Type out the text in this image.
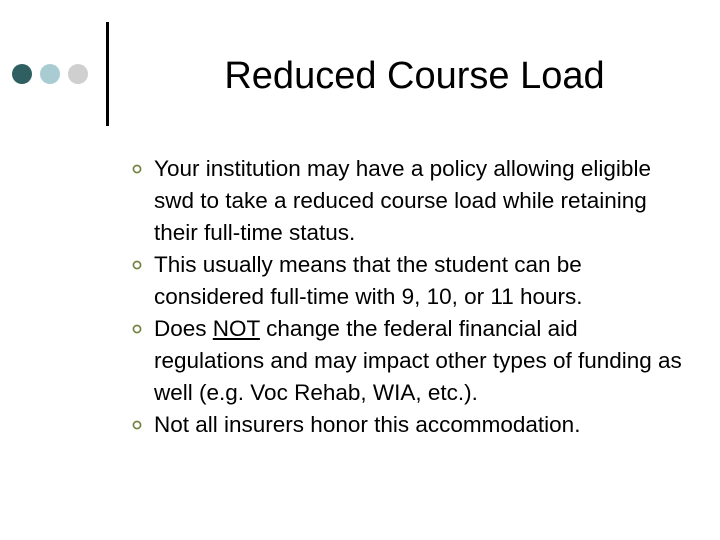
Reduced Course Load
Your institution may have a policy allowing eligible swd to take a reduced course load while retaining their full-time status.
This usually means that the student can be considered full-time with 9, 10, or 11 hours.
Does NOT change the federal financial aid regulations and may impact other types of funding as well (e.g. Voc Rehab, WIA, etc.).
Not all insurers honor this accommodation.
